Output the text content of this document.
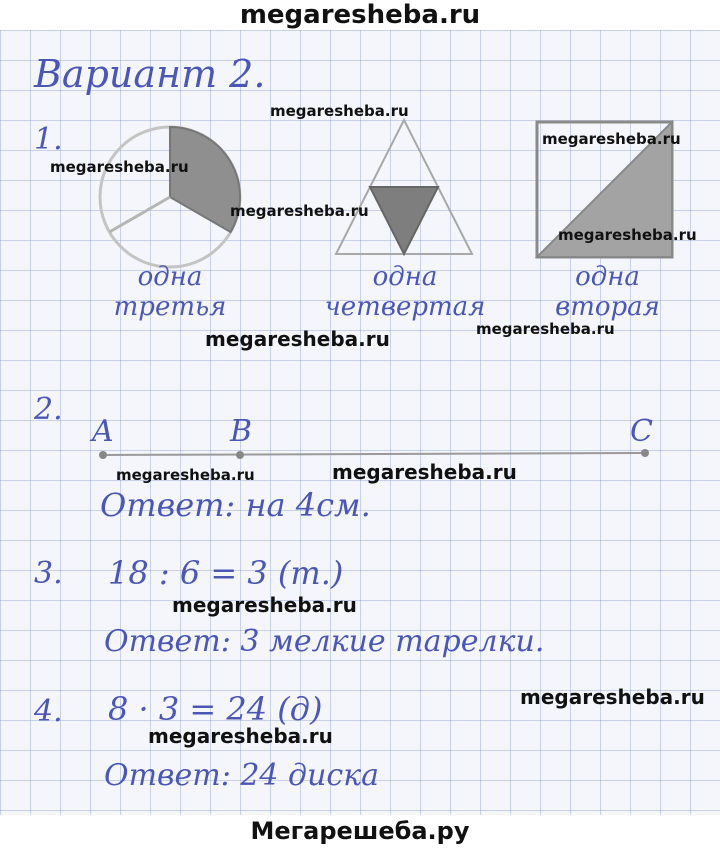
megaresheba.ru
Вариант 2.
1.
одна
третья
одна
четвертая
одна
вторая
2.
A	B	C
Ответ: на 4см.
3. 18 : 6 = 3 (т.)
Ответ: 3 мелкие тарелки.
4. 8 · 3 = 24 (д)
Ответ: 24 диска
megaresheba.ru
megaresheba.ru
megaresheba.ru
megaresheba.ru
megaresheba.ru
megaresheba.ru	megaresheba.ru
megaresheba.ru	megaresheba.ru
megaresheba.ru
megaresheba.ru
megaresheba.ru
Мегарешеба.ру
